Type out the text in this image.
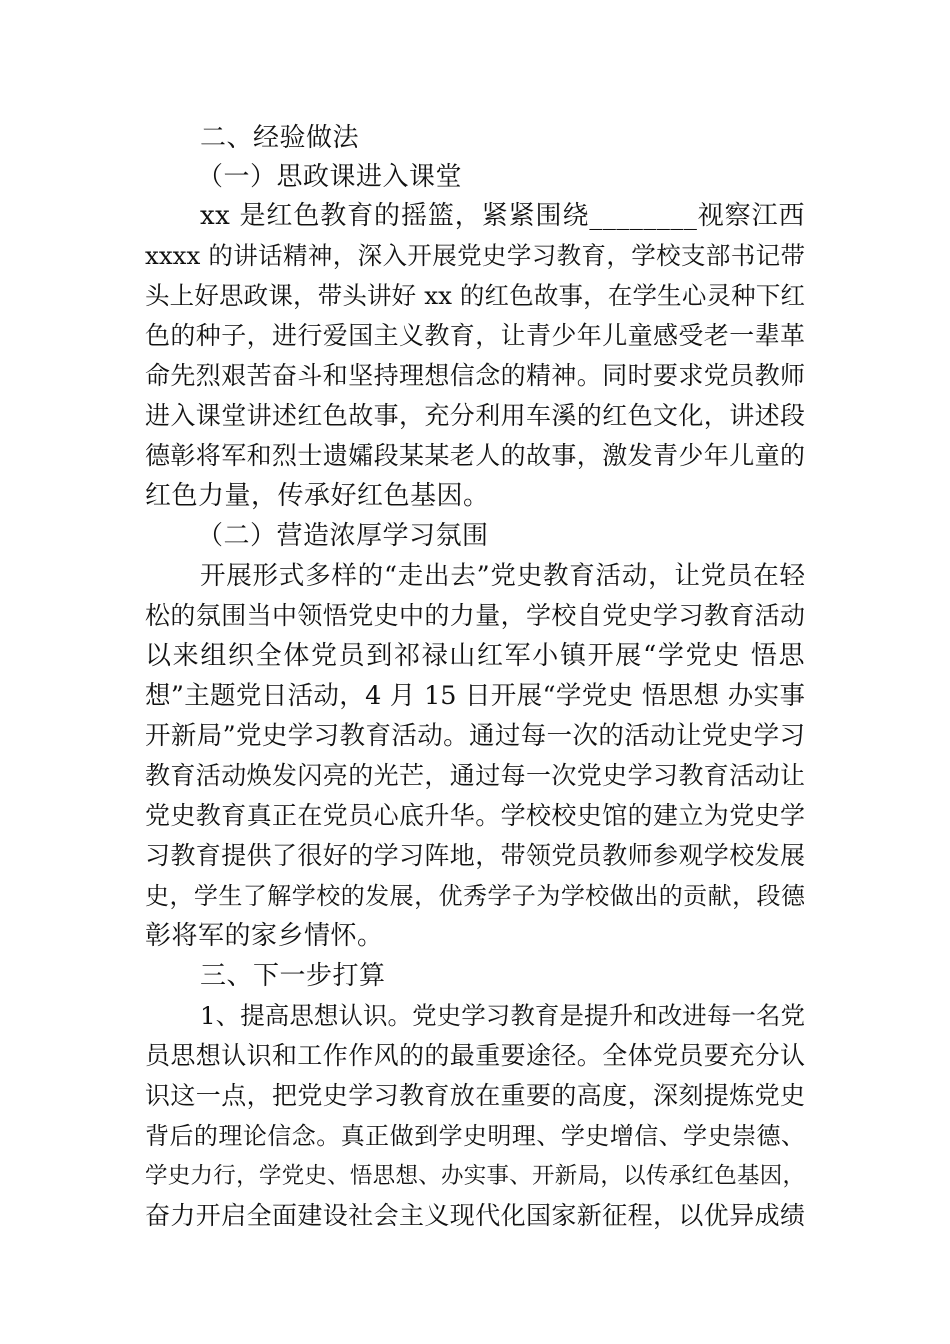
二、经验做法
（一）思政课进入课堂
xx 是红色教育的摇篮，紧紧围绕________视察江西
xxxx 的讲话精神，深入开展党史学习教育，学校支部书记带
头上好思政课，带头讲好 xx 的红色故事，在学生心灵种下红
色的种子，进行爱国主义教育，让青少年儿童感受老一辈革
命先烈艰苦奋斗和坚持理想信念的精神。同时要求党员教师
进入课堂讲述红色故事，充分利用车溪的红色文化，讲述段
德彰将军和烈士遗孀段某某老人的故事，激发青少年儿童的
红色力量，传承好红色基因。
（二）营造浓厚学习氛围
开展形式多样的“走出去”党史教育活动，让党员在轻
松的氛围当中领悟党史中的力量，学校自党史学习教育活动
以来组织全体党员到祁禄山红军小镇开展“学党史 悟思
想”主题党日活动，4 月 15 日开展“学党史 悟思想 办实事
开新局”党史学习教育活动。通过每一次的活动让党史学习
教育活动焕发闪亮的光芒，通过每一次党史学习教育活动让
党史教育真正在党员心底升华。学校校史馆的建立为党史学
习教育提供了很好的学习阵地，带领党员教师参观学校发展
史，学生了解学校的发展，优秀学子为学校做出的贡献，段德
彰将军的家乡情怀。
三、下一步打算
1、提高思想认识。党史学习教育是提升和改进每一名党
员思想认识和工作作风的的最重要途径。全体党员要充分认
识这一点，把党史学习教育放在重要的高度，深刻提炼党史
背后的理论信念。真正做到学史明理、学史增信、学史崇德、
学史力行，学党史、悟思想、办实事、开新局，以传承红色基因，
奋力开启全面建设社会主义现代化国家新征程，以优异成绩
